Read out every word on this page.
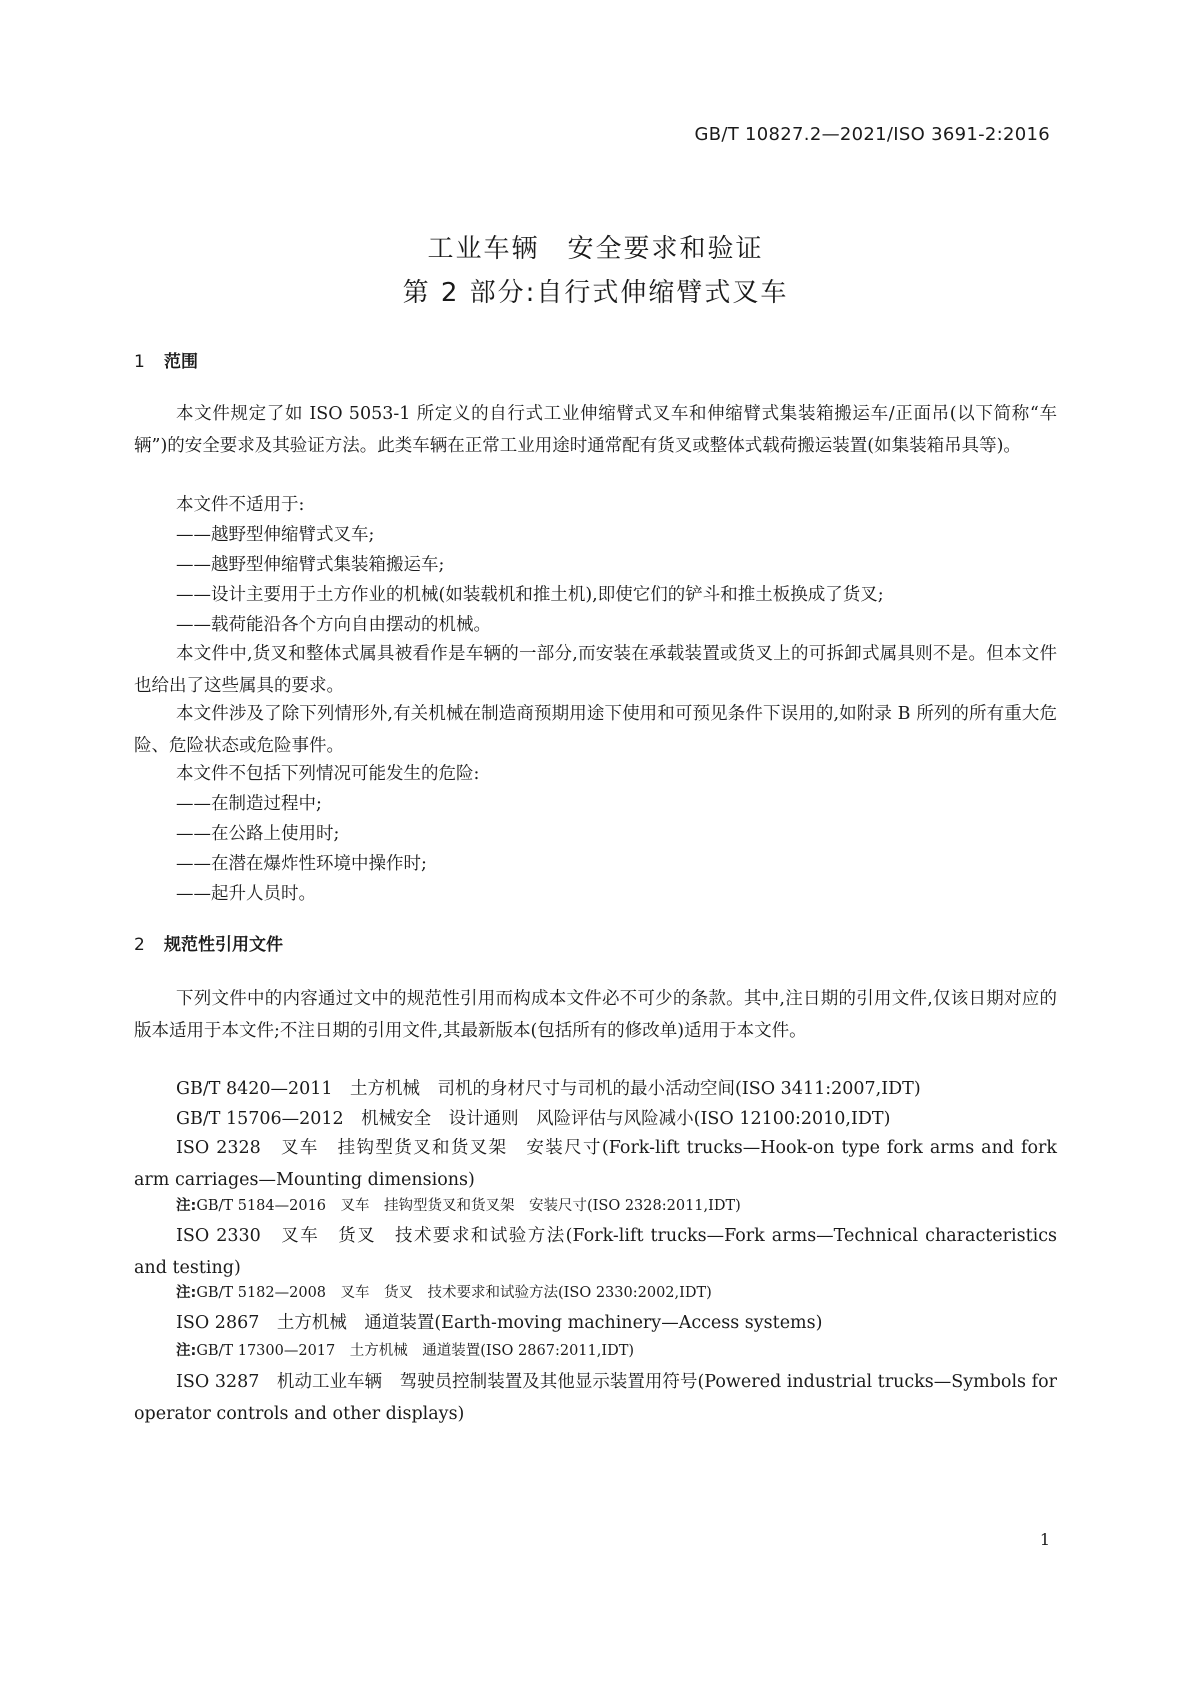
GB/T 10827.2—2021/ISO 3691-2:2016
工业车辆　安全要求和验证
第 2 部分:自行式伸缩臂式叉车
1 范围
本文件规定了如 ISO 5053-1 所定义的自行式工业伸缩臂式叉车和伸缩臂式集装箱搬运车/正面吊(以下简称“车辆”)的安全要求及其验证方法。此类车辆在正常工业用途时通常配有货叉或整体式载荷搬运装置(如集装箱吊具等)。
本文件不适用于:
——越野型伸缩臂式叉车;
——越野型伸缩臂式集装箱搬运车;
——设计主要用于土方作业的机械(如装载机和推土机),即使它们的铲斗和推土板换成了货叉;
——载荷能沿各个方向自由摆动的机械。
本文件中,货叉和整体式属具被看作是车辆的一部分,而安装在承载装置或货叉上的可拆卸式属具则不是。但本文件也给出了这些属具的要求。
本文件涉及了除下列情形外,有关机械在制造商预期用途下使用和可预见条件下误用的,如附录 B 所列的所有重大危险、危险状态或危险事件。
本文件不包括下列情况可能发生的危险:
——在制造过程中;
——在公路上使用时;
——在潜在爆炸性环境中操作时;
——起升人员时。
2 规范性引用文件
下列文件中的内容通过文中的规范性引用而构成本文件必不可少的条款。其中,注日期的引用文件,仅该日期对应的版本适用于本文件;不注日期的引用文件,其最新版本(包括所有的修改单)适用于本文件。
GB/T 8420—2011　土方机械　司机的身材尺寸与司机的最小活动空间(ISO 3411:2007,IDT)
GB/T 15706—2012　机械安全　设计通则　风险评估与风险减小(ISO 12100:2010,IDT)
ISO 2328　叉车　挂钩型货叉和货叉架　安装尺寸(Fork-lift trucks—Hook-on type fork arms and fork arm carriages—Mounting dimensions)
注:GB/T 5184—2016　叉车　挂钩型货叉和货叉架　安装尺寸(ISO 2328:2011,IDT)
ISO 2330　叉车　货叉　技术要求和试验方法(Fork-lift trucks—Fork arms—Technical characteristics and testing)
注:GB/T 5182—2008　叉车　货叉　技术要求和试验方法(ISO 2330:2002,IDT)
ISO 2867　土方机械　通道装置(Earth-moving machinery—Access systems)
注:GB/T 17300—2017　土方机械　通道装置(ISO 2867:2011,IDT)
ISO 3287　机动工业车辆　驾驶员控制装置及其他显示装置用符号(Powered industrial trucks—Symbols for operator controls and other displays)
1
